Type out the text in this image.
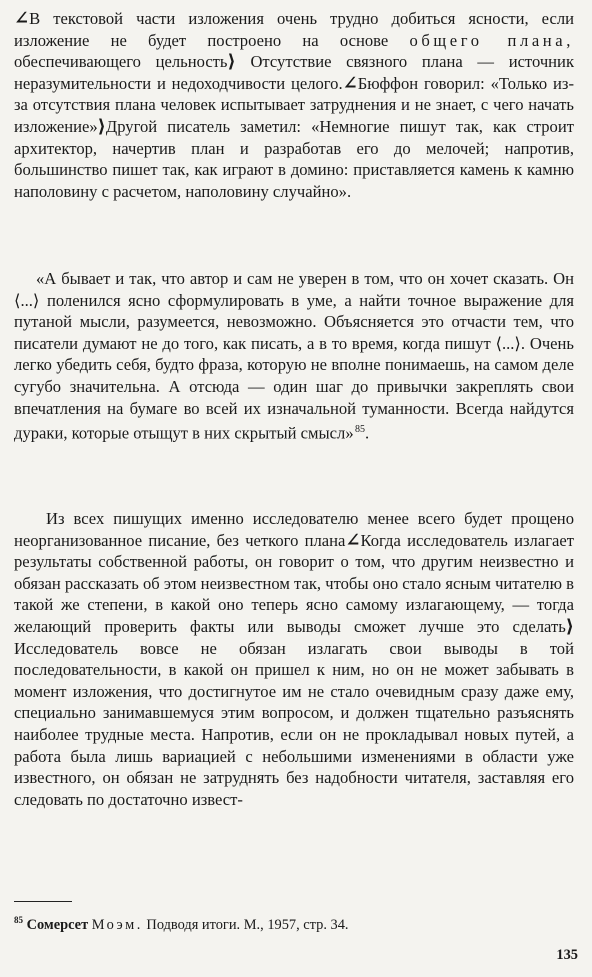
∠В текстовой части изложения очень трудно добиться ясности, если изложение не будет построено на основе общего плана, обеспечивающего цельность⟩ Отсутствие связного плана — источник неразумительности и недоходчивости целого.∠Бюффон говорил: «Только из-за отсутствия плана человек испытывает затруднения и не знает, с чего начать изложение»⟩Другой писатель заметил: «Немногие пишут так, как строит архитектор, начертив план и разработав его до мелочей; напротив, большинство пишет так, как играют в домино: приставляется камень к камню наполовину с расчетом, наполовину случайно».

«А бывает и так, что автор и сам не уверен в том, что он хочет сказать. Он ⟨...⟩ поленился ясно сформулировать в уме, а найти точное выражение для путаной мысли, разумеется, невозможно. Объясняется это отчасти тем, что писатели думают не до того, как писать, а в то время, когда пишут ⟨...⟩. Очень легко убедить себя, будто фраза, которую не вполне понимаешь, на самом деле сугубо значительна. А отсюда — один шаг до привычки закреплять свои впечатления на бумаге во всей их изначальной туманности. Всегда найдутся дураки, которые отыщут в них скрытый смысл» $^{85}$.

Из всех пишущих именно исследователю менее всего будет прощено неорганизованное писание, без четкого плана∠Когда исследователь излагает результаты собственной работы, он говорит о том, что другим неизвестно и обязан рассказать об этом неизвестном так, чтобы оно стало ясным читателю в такой же степени, в какой оно теперь ясно самому излагающему, — тогда желающий проверить факты или выводы сможет лучше это сделать⟩ Исследователь вовсе не обязан излагать свои выводы в той последовательности, в какой он пришел к ним, но он не может забывать в момент изложения, что достигнутое им не стало очевидным сразу даже ему, специально занимавшемуся этим вопросом, и должен тщательно разъяснять наиболее трудные места. Напротив, если он не прокладывал новых путей, а работа была лишь вариацией с небольшими изменениями в области уже известного, он обязан не затруднять без надобности читателя, заставляя его следовать по достаточно извест-

$^{85}$ Сомерсет Моэм. Подводя итоги. М., 1957, стр. 34.
135
